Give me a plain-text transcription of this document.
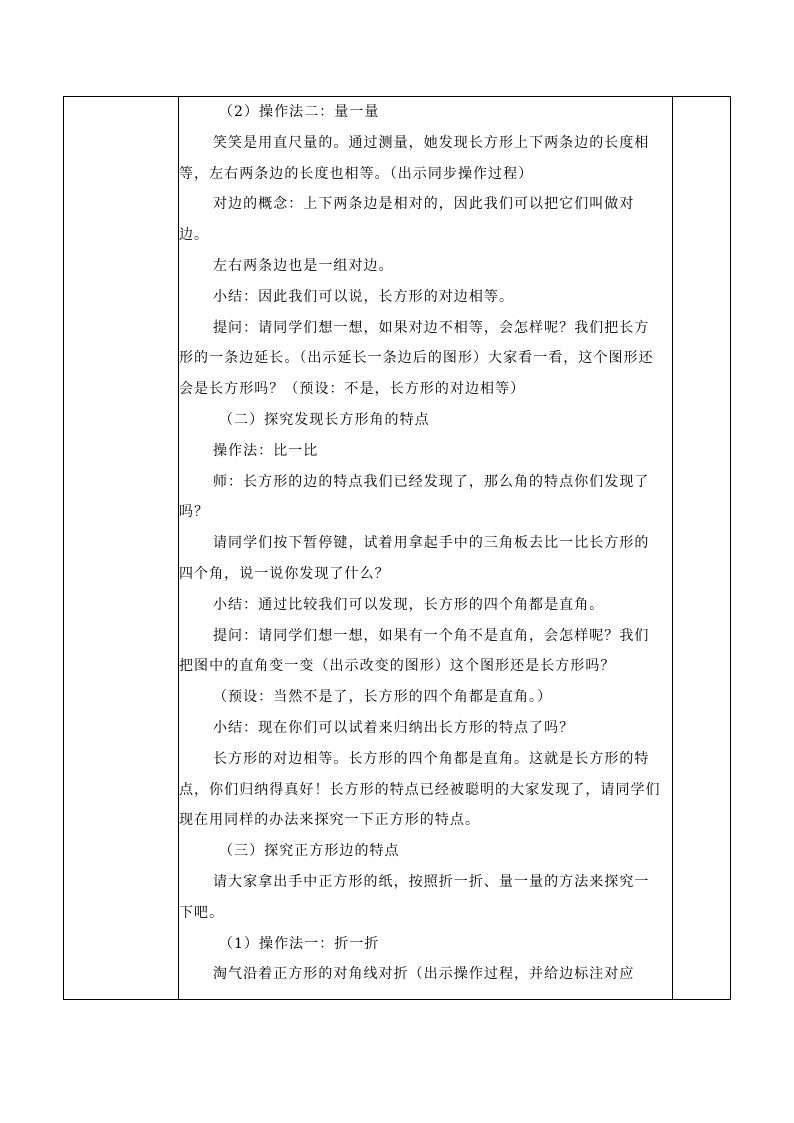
（2）操作法二：量一量

笑笑是用直尺量的。通过测量，她发现长方形上下两条边的长度相等，左右两条边的长度也相等。（出示同步操作过程）

对边的概念：上下两条边是相对的，因此我们可以把它们叫做对边。

左右两条边也是一组对边。

小结：因此我们可以说，长方形的对边相等。

提问：请同学们想一想，如果对边不相等，会怎样呢？我们把长方形的一条边延长。（出示延长一条边后的图形）大家看一看，这个图形还会是长方形吗？（预设：不是，长方形的对边相等）

（二）探究发现长方形角的特点

操作法：比一比

师：长方形的边的特点我们已经发现了，那么角的特点你们发现了吗？

请同学们按下暂停键，试着用拿起手中的三角板去比一比长方形的四个角，说一说你发现了什么？

小结：通过比较我们可以发现，长方形的四个角都是直角。

提问：请同学们想一想，如果有一个角不是直角，会怎样呢？我们把图中的直角变一变（出示改变的图形）这个图形还是长方形吗？

（预设：当然不是了，长方形的四个角都是直角。）

小结：现在你们可以试着来归纳出长方形的特点了吗？

长方形的对边相等。长方形的四个角都是直角。这就是长方形的特点，你们归纳得真好！长方形的特点已经被聪明的大家发现了，请同学们现在用同样的办法来探究一下正方形的特点。

（三）探究正方形边的特点

请大家拿出手中正方形的纸，按照折一折、量一量的方法来探究一下吧。

（1）操作法一：折一折

淘气沿着正方形的对角线对折（出示操作过程，并给边标注对应
